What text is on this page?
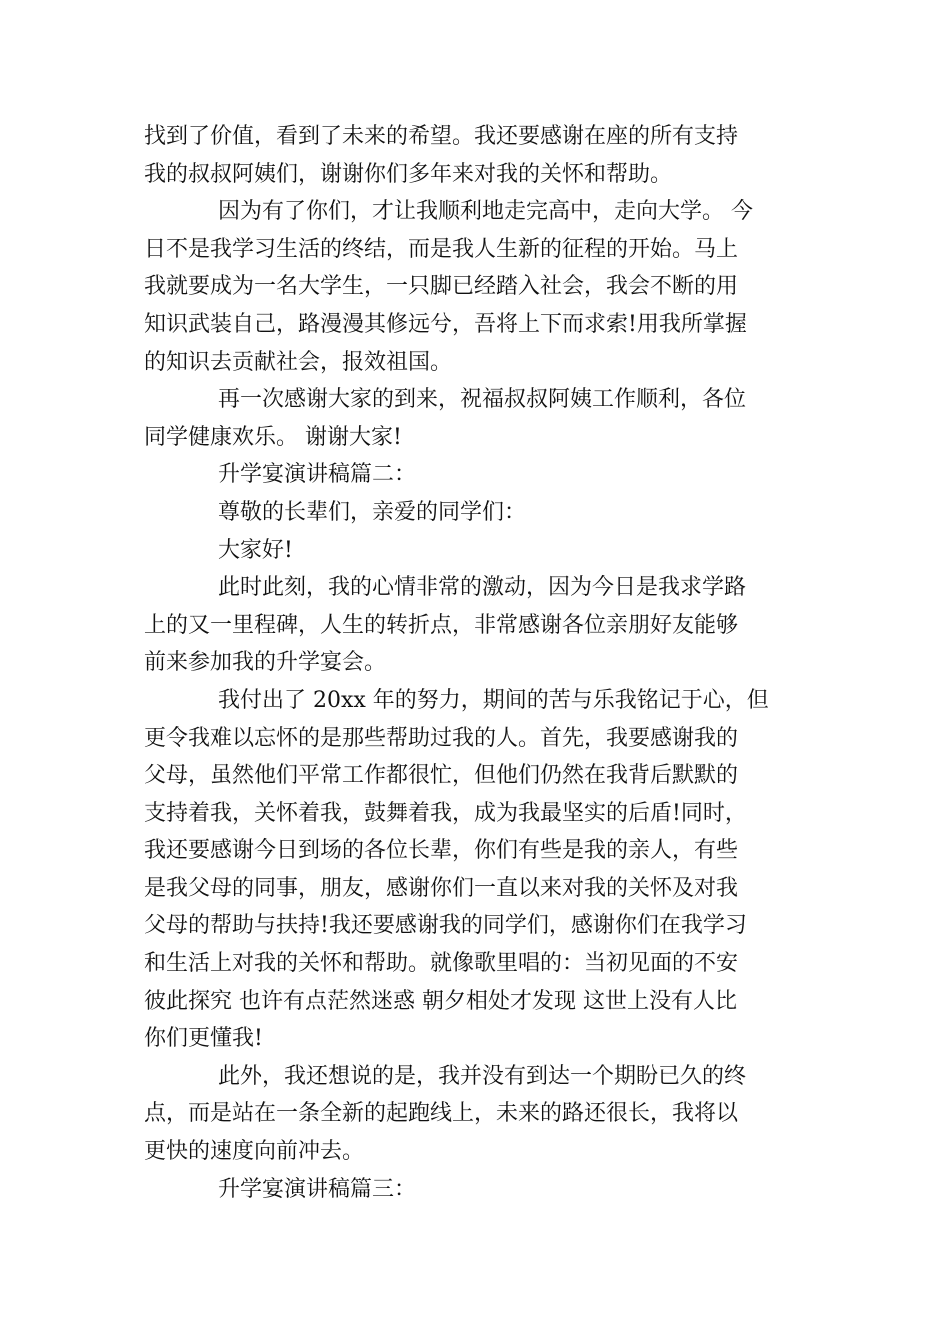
找到了价值，看到了未来的希望。我还要感谢在座的所有支持
我的叔叔阿姨们，谢谢你们多年来对我的关怀和帮助。
因为有了你们，才让我顺利地走完高中，走向大学。 今
日不是我学习生活的终结，而是我人生新的征程的开始。马上
我就要成为一名大学生，一只脚已经踏入社会，我会不断的用
知识武装自己，路漫漫其修远兮，吾将上下而求索!用我所掌握
的知识去贡献社会，报效祖国。
再一次感谢大家的到来，祝福叔叔阿姨工作顺利，各位
同学健康欢乐。 谢谢大家!
升学宴演讲稿篇二：
尊敬的长辈们，亲爱的同学们：
大家好!
此时此刻，我的心情非常的激动，因为今日是我求学路
上的又一里程碑，人生的转折点，非常感谢各位亲朋好友能够
前来参加我的升学宴会。
我付出了 20xx 年的努力，期间的苦与乐我铭记于心，但
更令我难以忘怀的是那些帮助过我的人。首先，我要感谢我的
父母，虽然他们平常工作都很忙，但他们仍然在我背后默默的
支持着我，关怀着我，鼓舞着我，成为我最坚实的后盾!同时，
我还要感谢今日到场的各位长辈，你们有些是我的亲人，有些
是我父母的同事，朋友，感谢你们一直以来对我的关怀及对我
父母的帮助与扶持!我还要感谢我的同学们，感谢你们在我学习
和生活上对我的关怀和帮助。就像歌里唱的：当初见面的不安
彼此探究 也许有点茫然迷惑 朝夕相处才发现 这世上没有人比
你们更懂我!
此外，我还想说的是，我并没有到达一个期盼已久的终
点，而是站在一条全新的起跑线上，未来的路还很长，我将以
更快的速度向前冲去。
升学宴演讲稿篇三：
